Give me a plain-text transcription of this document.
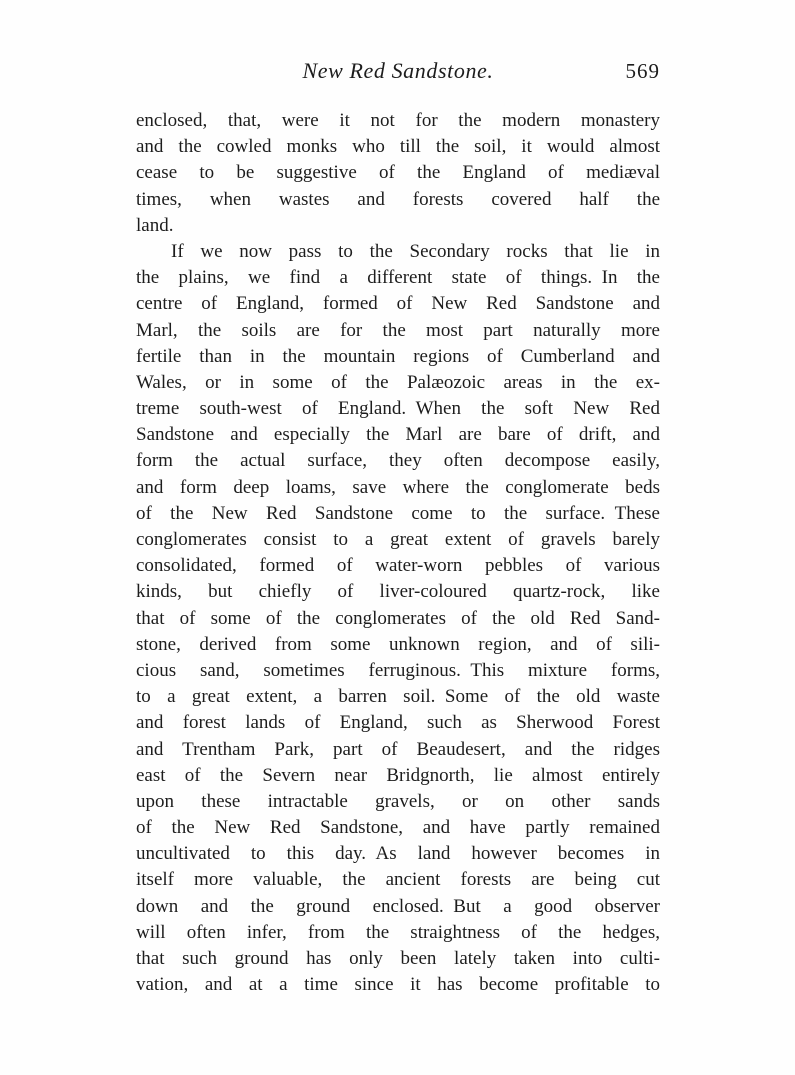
New Red Sandstone.	569
enclosed, that, were it not for the modern monastery
and the cowled monks who till the soil, it would almost
cease to be suggestive of the England of mediæval
times, when wastes and forests covered half the
land.
If we now pass to the Secondary rocks that lie in
the plains, we find a different state of things. In the
centre of England, formed of New Red Sandstone and
Marl, the soils are for the most part naturally more
fertile than in the mountain regions of Cumberland and
Wales, or in some of the Palæozoic areas in the ex-
treme south-west of England. When the soft New Red
Sandstone and especially the Marl are bare of drift, and
form the actual surface, they often decompose easily,
and form deep loams, save where the conglomerate beds
of the New Red Sandstone come to the surface. These
conglomerates consist to a great extent of gravels barely
consolidated, formed of water-worn pebbles of various
kinds, but chiefly of liver-coloured quartz-rock, like
that of some of the conglomerates of the old Red Sand-
stone, derived from some unknown region, and of sili-
cious sand, sometimes ferruginous. This mixture forms,
to a great extent, a barren soil. Some of the old waste
and forest lands of England, such as Sherwood Forest
and Trentham Park, part of Beaudesert, and the ridges
east of the Severn near Bridgnorth, lie almost entirely
upon these intractable gravels, or on other sands
of the New Red Sandstone, and have partly remained
uncultivated to this day. As land however becomes in
itself more valuable, the ancient forests are being cut
down and the ground enclosed. But a good observer
will often infer, from the straightness of the hedges,
that such ground has only been lately taken into culti-
vation, and at a time since it has become profitable to
